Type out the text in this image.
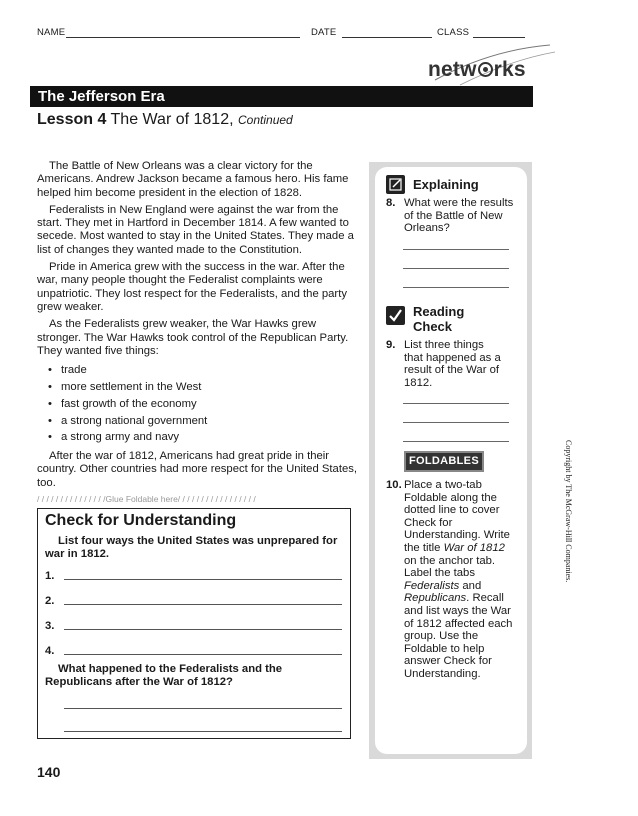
NAME	DATE	CLASS
netw rks
The Jefferson Era
Lesson 4 The War of 1812, Continued

The Battle of New Orleans was a clear victory for the Americans. Andrew Jackson became a famous hero. His fame helped him become president in the election of 1828.

Federalists in New England were against the war from the start. They met in Hartford in December 1814. A few wanted to secede. Most wanted to stay in the United States. They made a list of changes they wanted made to the Constitution.

Pride in America grew with the success in the war. After the war, many people thought the Federalist complaints were unpatriotic. They lost respect for the Federalists, and the party grew weaker.

As the Federalists grew weaker, the War Hawks grew stronger. The War Hawks took control of the Republican Party. They wanted five things:

• trade
• more settlement in the West
• fast growth of the economy
• a strong national government
• a strong army and navy

After the war of 1812, Americans had great pride in their country. Other countries had more respect for the United States, too.

/ / / / / / / / / / / / / / /Glue Foldable here/ / / / / / / / / / / / / / / / /
Check for Understanding
List four ways the United States was unprepared for war in 1812.
1.
2.
3.
4.
What happened to the Federalists and the Republicans after the War of 1812?
Explaining
8. What were the results of the Battle of New Orleans?
Reading
Check
9. List three things that happened as a result of the War of 1812.
FOLDABLES
10. Place a two-tab Foldable along the dotted line to cover Check for Understanding. Write the title War of 1812 on the anchor tab. Label the tabs Federalists and Republicans. Recall and list ways the War of 1812 affected each group. Use the Foldable to help answer Check for Understanding.
Copyright by The McGraw-Hill Companies.
140
